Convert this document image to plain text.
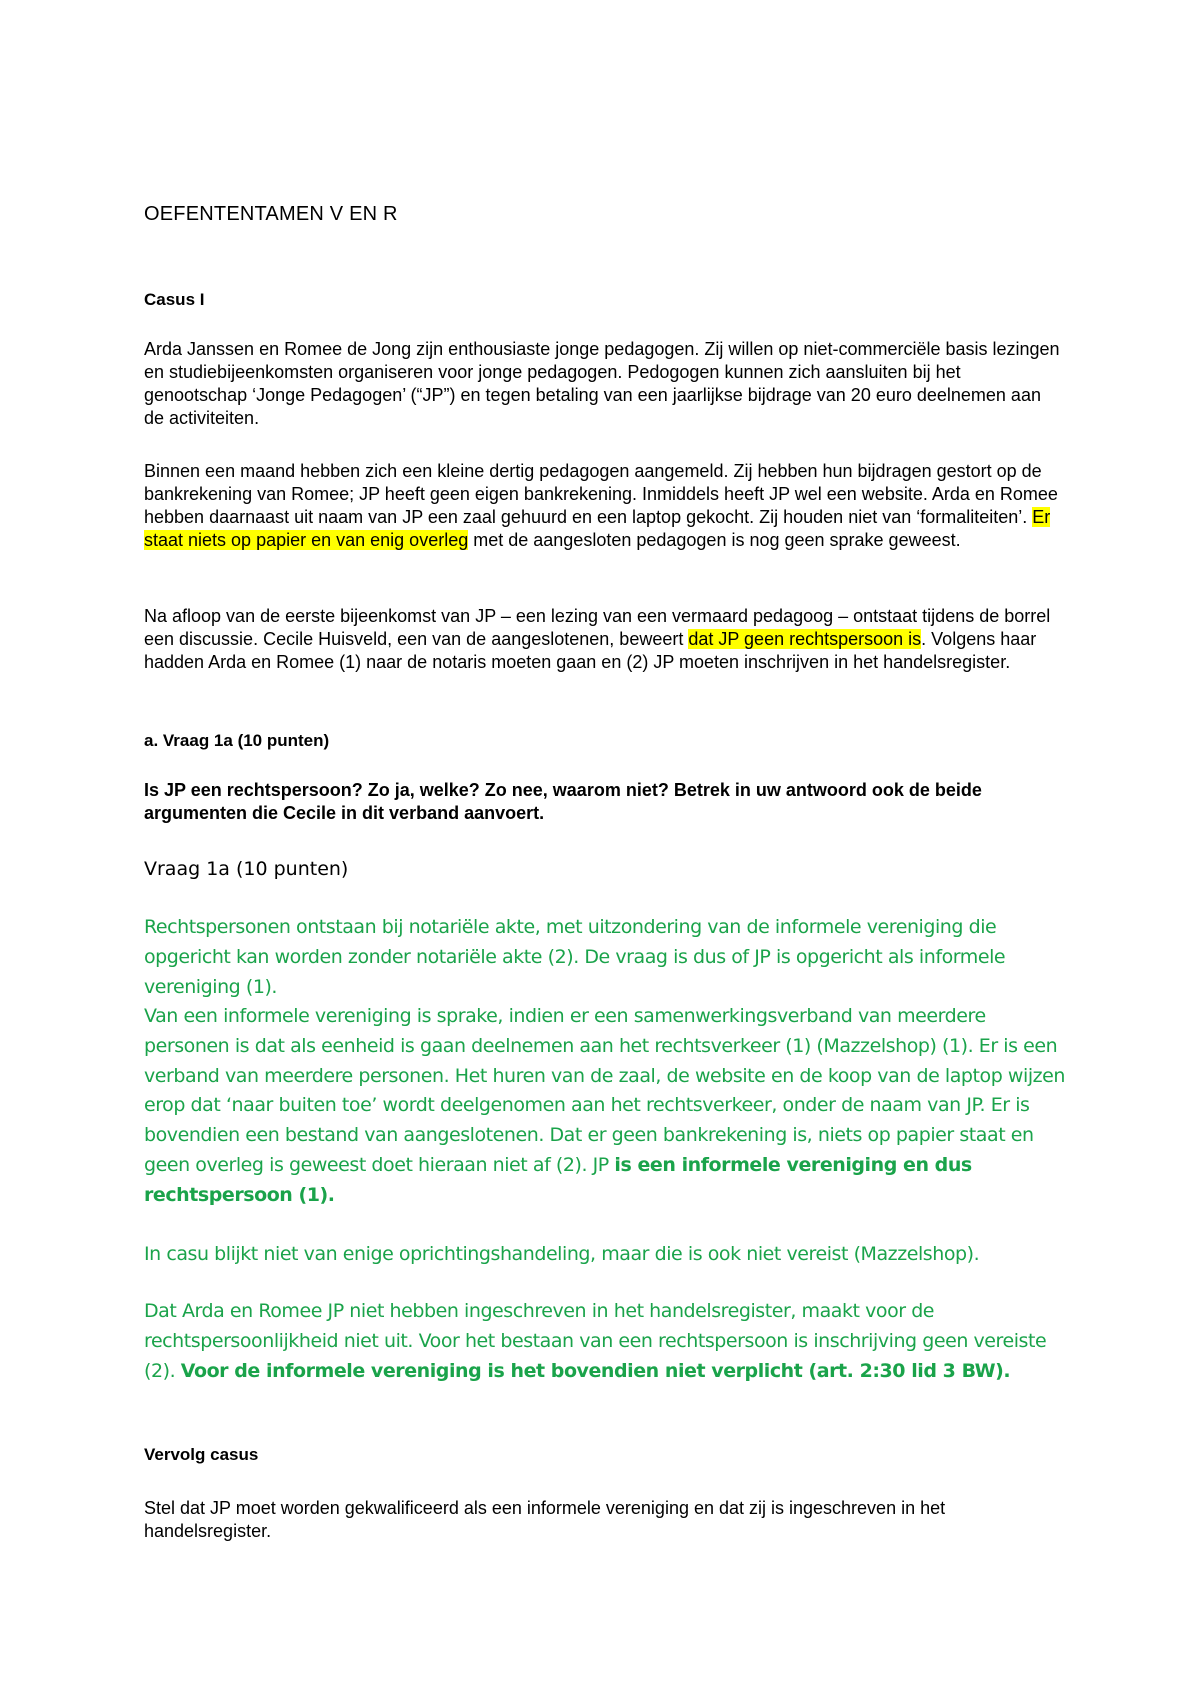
OEFENTENTAMEN V EN R
Casus I

Arda Janssen en Romee de Jong zijn enthousiaste jonge pedagogen. Zij willen op niet-commerciële basis lezingen en studiebijeenkomsten organiseren voor jonge pedagogen. Pedogogen kunnen zich aansluiten bij het genootschap ‘Jonge Pedagogen’ (“JP”) en tegen betaling van een jaarlijkse bijdrage van 20 euro deelnemen aan de activiteiten.

Binnen een maand hebben zich een kleine dertig pedagogen aangemeld. Zij hebben hun bijdragen gestort op de bankrekening van Romee; JP heeft geen eigen bankrekening. Inmiddels heeft JP wel een website. Arda en Romee hebben daarnaast uit naam van JP een zaal gehuurd en een laptop gekocht. Zij houden niet van ‘formaliteiten’. Er staat niets op papier en van enig overleg met de aangesloten pedagogen is nog geen sprake geweest.

Na afloop van de eerste bijeenkomst van JP – een lezing van een vermaard pedagoog – ontstaat tijdens de borrel een discussie. Cecile Huisveld, een van de aangeslotenen, beweert dat JP geen rechtspersoon is. Volgens haar hadden Arda en Romee (1) naar de notaris moeten gaan en (2) JP moeten inschrijven in het handelsregister.

a. Vraag 1a (10 punten)

Is JP een rechtspersoon? Zo ja, welke? Zo nee, waarom niet? Betrek in uw antwoord ook de beide argumenten die Cecile in dit verband aanvoert.

Vraag 1a (10 punten)

Rechtspersonen ontstaan bij notariële akte, met uitzondering van de informele vereniging die opgericht kan worden zonder notariële akte (2). De vraag is dus of JP is opgericht als informele vereniging (1).

Van een informele vereniging is sprake, indien er een samenwerkingsverband van meerdere personen is dat als eenheid is gaan deelnemen aan het rechtsverkeer (1) (Mazzelshop) (1). Er is een verband van meerdere personen. Het huren van de zaal, de website en de koop van de laptop wijzen erop dat ‘naar buiten toe’ wordt deelgenomen aan het rechtsverkeer, onder de naam van JP. Er is bovendien een bestand van aangeslotenen. Dat er geen bankrekening is, niets op papier staat en geen overleg is geweest doet hieraan niet af (2). JP is een informele vereniging en dus rechtspersoon (1).

In casu blijkt niet van enige oprichtingshandeling, maar die is ook niet vereist (Mazzelshop).

Dat Arda en Romee JP niet hebben ingeschreven in het handelsregister, maakt voor de rechtspersoonlijkheid niet uit. Voor het bestaan van een rechtspersoon is inschrijving geen vereiste (2). Voor de informele vereniging is het bovendien niet verplicht (art. 2:30 lid 3 BW).

Vervolg casus

Stel dat JP moet worden gekwalificeerd als een informele vereniging en dat zij is ingeschreven in het handelsregister.
